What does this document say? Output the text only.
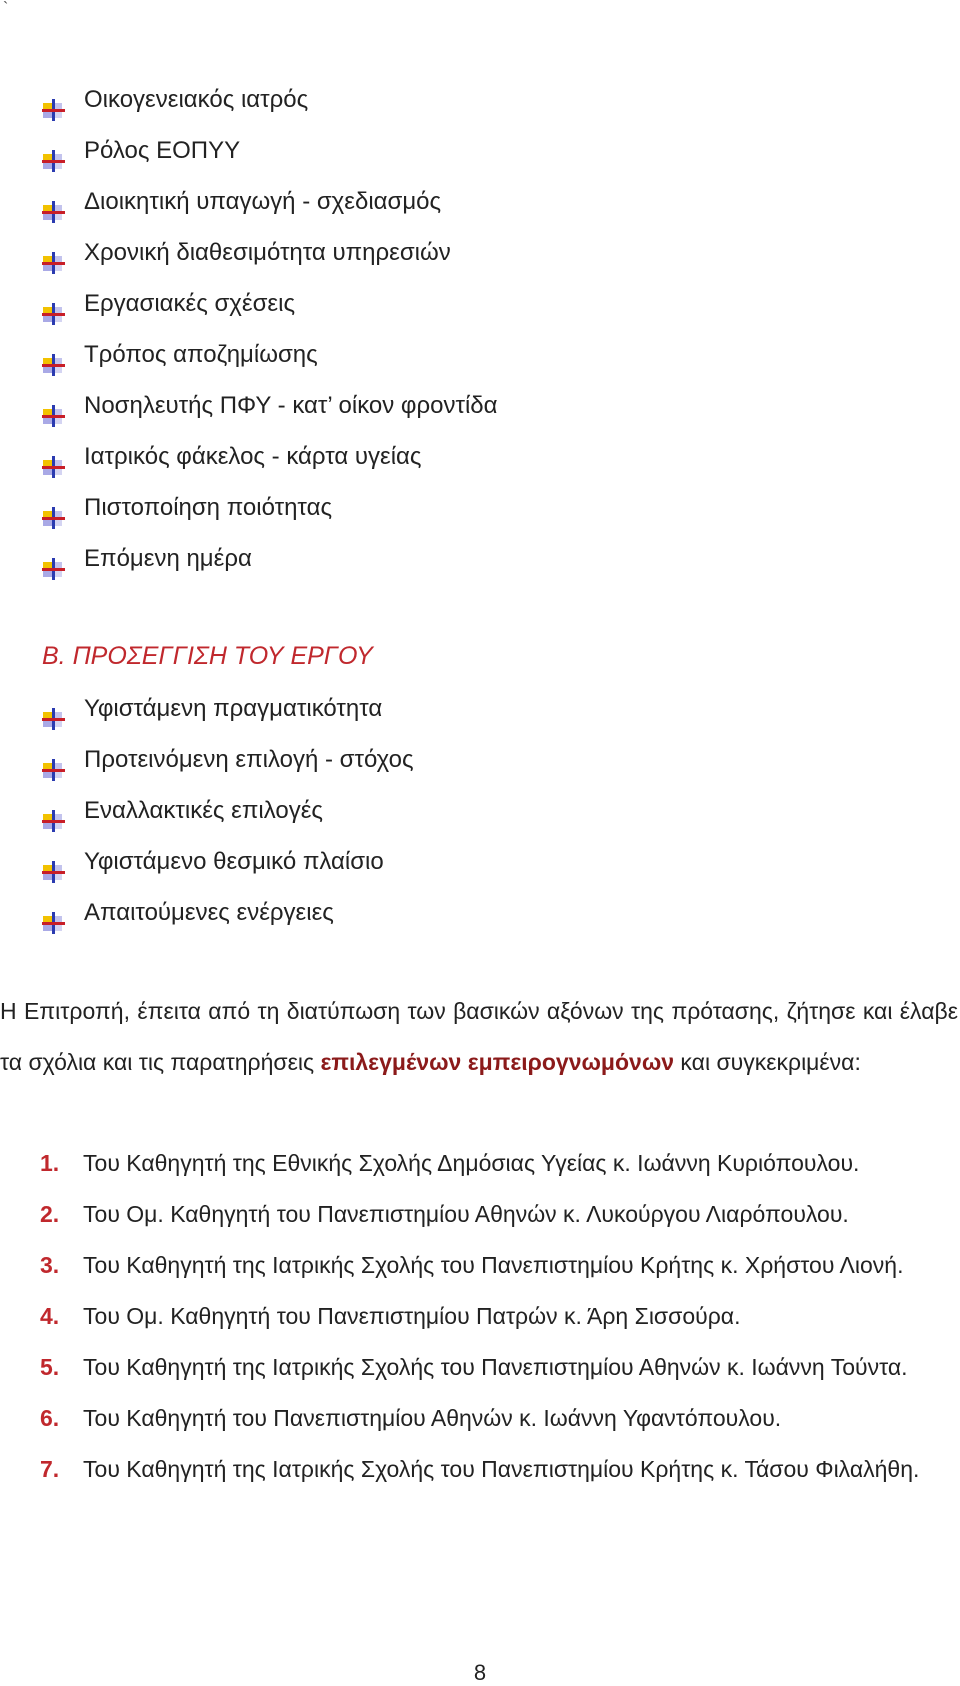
`
Οικογενειακός ιατρός
Ρόλος ΕΟΠΥΥ
Διοικητική υπαγωγή - σχεδιασμός
Χρονική διαθεσιμότητα υπηρεσιών
Εργασιακές σχέσεις
Τρόπος αποζημίωσης
Νοσηλευτής ΠΦΥ - κατ’ οίκον φροντίδα
Ιατρικός φάκελος - κάρτα υγείας
Πιστοποίηση ποιότητας
Επόμενη ημέρα
Β. ΠΡΟΣΕΓΓΙΣΗ ΤΟΥ ΕΡΓΟΥ
Υφιστάμενη πραγματικότητα
Προτεινόμενη επιλογή - στόχος
Εναλλακτικές επιλογές
Υφιστάμενο θεσμικό πλαίσιο
Απαιτούμενες ενέργειες

Η Επιτροπή, έπειτα από τη διατύπωση των βασικών αξόνων της πρότασης, ζήτησε και έλαβε τα σχόλια και τις παρατηρήσεις επιλεγμένων εμπειρογνωμόνων και συγκεκριμένα:

1. Του Καθηγητή της Εθνικής Σχολής Δημόσιας Υγείας κ. Ιωάννη Κυριόπουλου.
2. Του Ομ. Καθηγητή του Πανεπιστημίου Αθηνών κ. Λυκούργου Λιαρόπουλου.
3. Του Καθηγητή της Ιατρικής Σχολής του Πανεπιστημίου Κρήτης κ. Χρήστου Λιονή.
4. Του Ομ. Καθηγητή του Πανεπιστημίου Πατρών κ. Άρη Σισσούρα.
5. Του Καθηγητή της Ιατρικής Σχολής του Πανεπιστημίου Αθηνών κ. Ιωάννη Τούντα.
6. Του Καθηγητή του Πανεπιστημίου Αθηνών κ. Ιωάννη Υφαντόπουλου.
7. Του Καθηγητή της Ιατρικής Σχολής του Πανεπιστημίου Κρήτης κ. Τάσου Φιλαλήθη.
8
